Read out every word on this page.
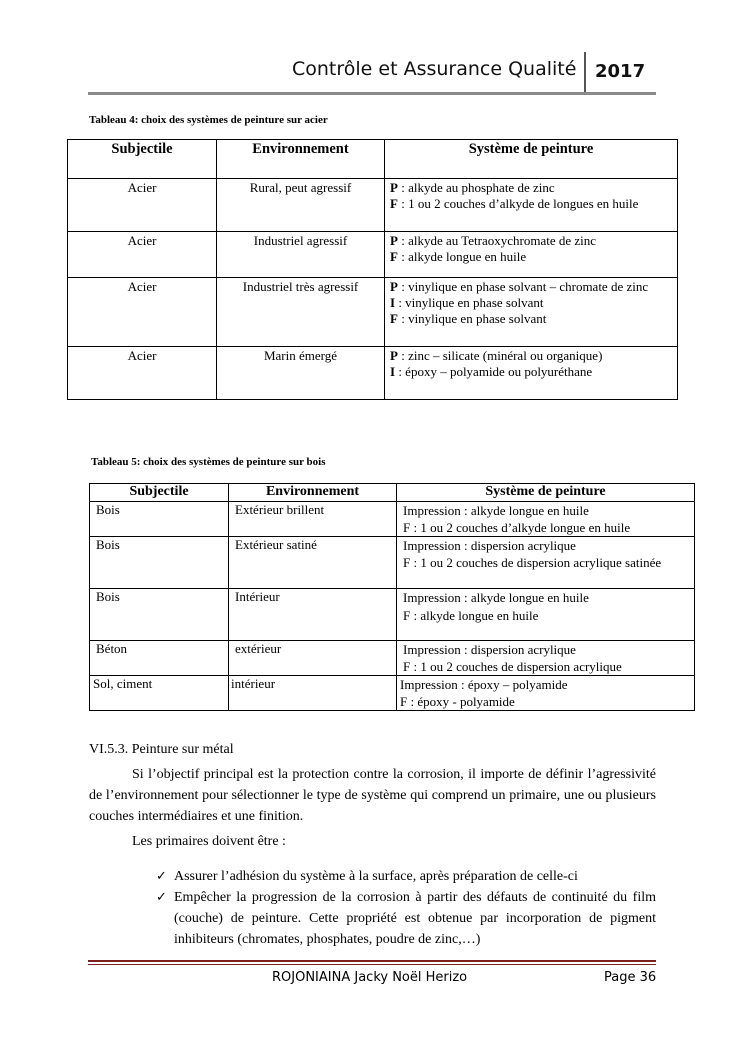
Contrôle et Assurance Qualité 2017
Tableau 4: choix des systèmes de peinture sur acier
Subjectile	Environnement	Système de peinture
Acier	Rural, peut agressif	P : alkyde au phosphate de zinc
F : 1 ou 2 couches d’alkyde de longues en huile

Acier	Industriel agressif	P : alkyde au Tetraoxychromate de zinc
F : alkyde longue en huile

Acier	Industriel très agressif	P : vinylique en phase solvant – chromate de zinc
I : vinylique en phase solvant
F : vinylique en phase solvant

Acier	Marin émergé	P : zinc – silicate (minéral ou organique)
I : époxy – polyamide ou polyuréthane
Tableau 5: choix des systèmes de peinture sur bois
Subjectile	Environnement	Système de peinture
Bois	Extérieur brillent	Impression : alkyde longue en huile
F : 1 ou 2 couches d’alkyde longue en huile

Bois	Extérieur satiné	Impression : dispersion acrylique
F : 1 ou 2 couches de dispersion acrylique satinée

Bois	Intérieur	Impression : alkyde longue en huile
F : alkyde longue en huile

Béton	extérieur	Impression : dispersion acrylique
F : 1 ou 2 couches de dispersion acrylique

Sol, ciment	intérieur	Impression : époxy – polyamide
F : époxy - polyamide
VI.5.3. Peinture sur métal
Si l’objectif principal est la protection contre la corrosion, il importe de définir l’agressivité de l’environnement pour sélectionner le type de système qui comprend un primaire, une ou plusieurs couches intermédiaires et une finition.
Les primaires doivent être :
✓ Assurer l’adhésion du système à la surface, après préparation de celle-ci
✓ Empêcher la progression de la corrosion à partir des défauts de continuité du film (couche) de peinture. Cette propriété est obtenue par incorporation de pigment inhibiteurs (chromates, phosphates, poudre de zinc,…)
ROJONIAINA Jacky Noël Herizo	Page 36
